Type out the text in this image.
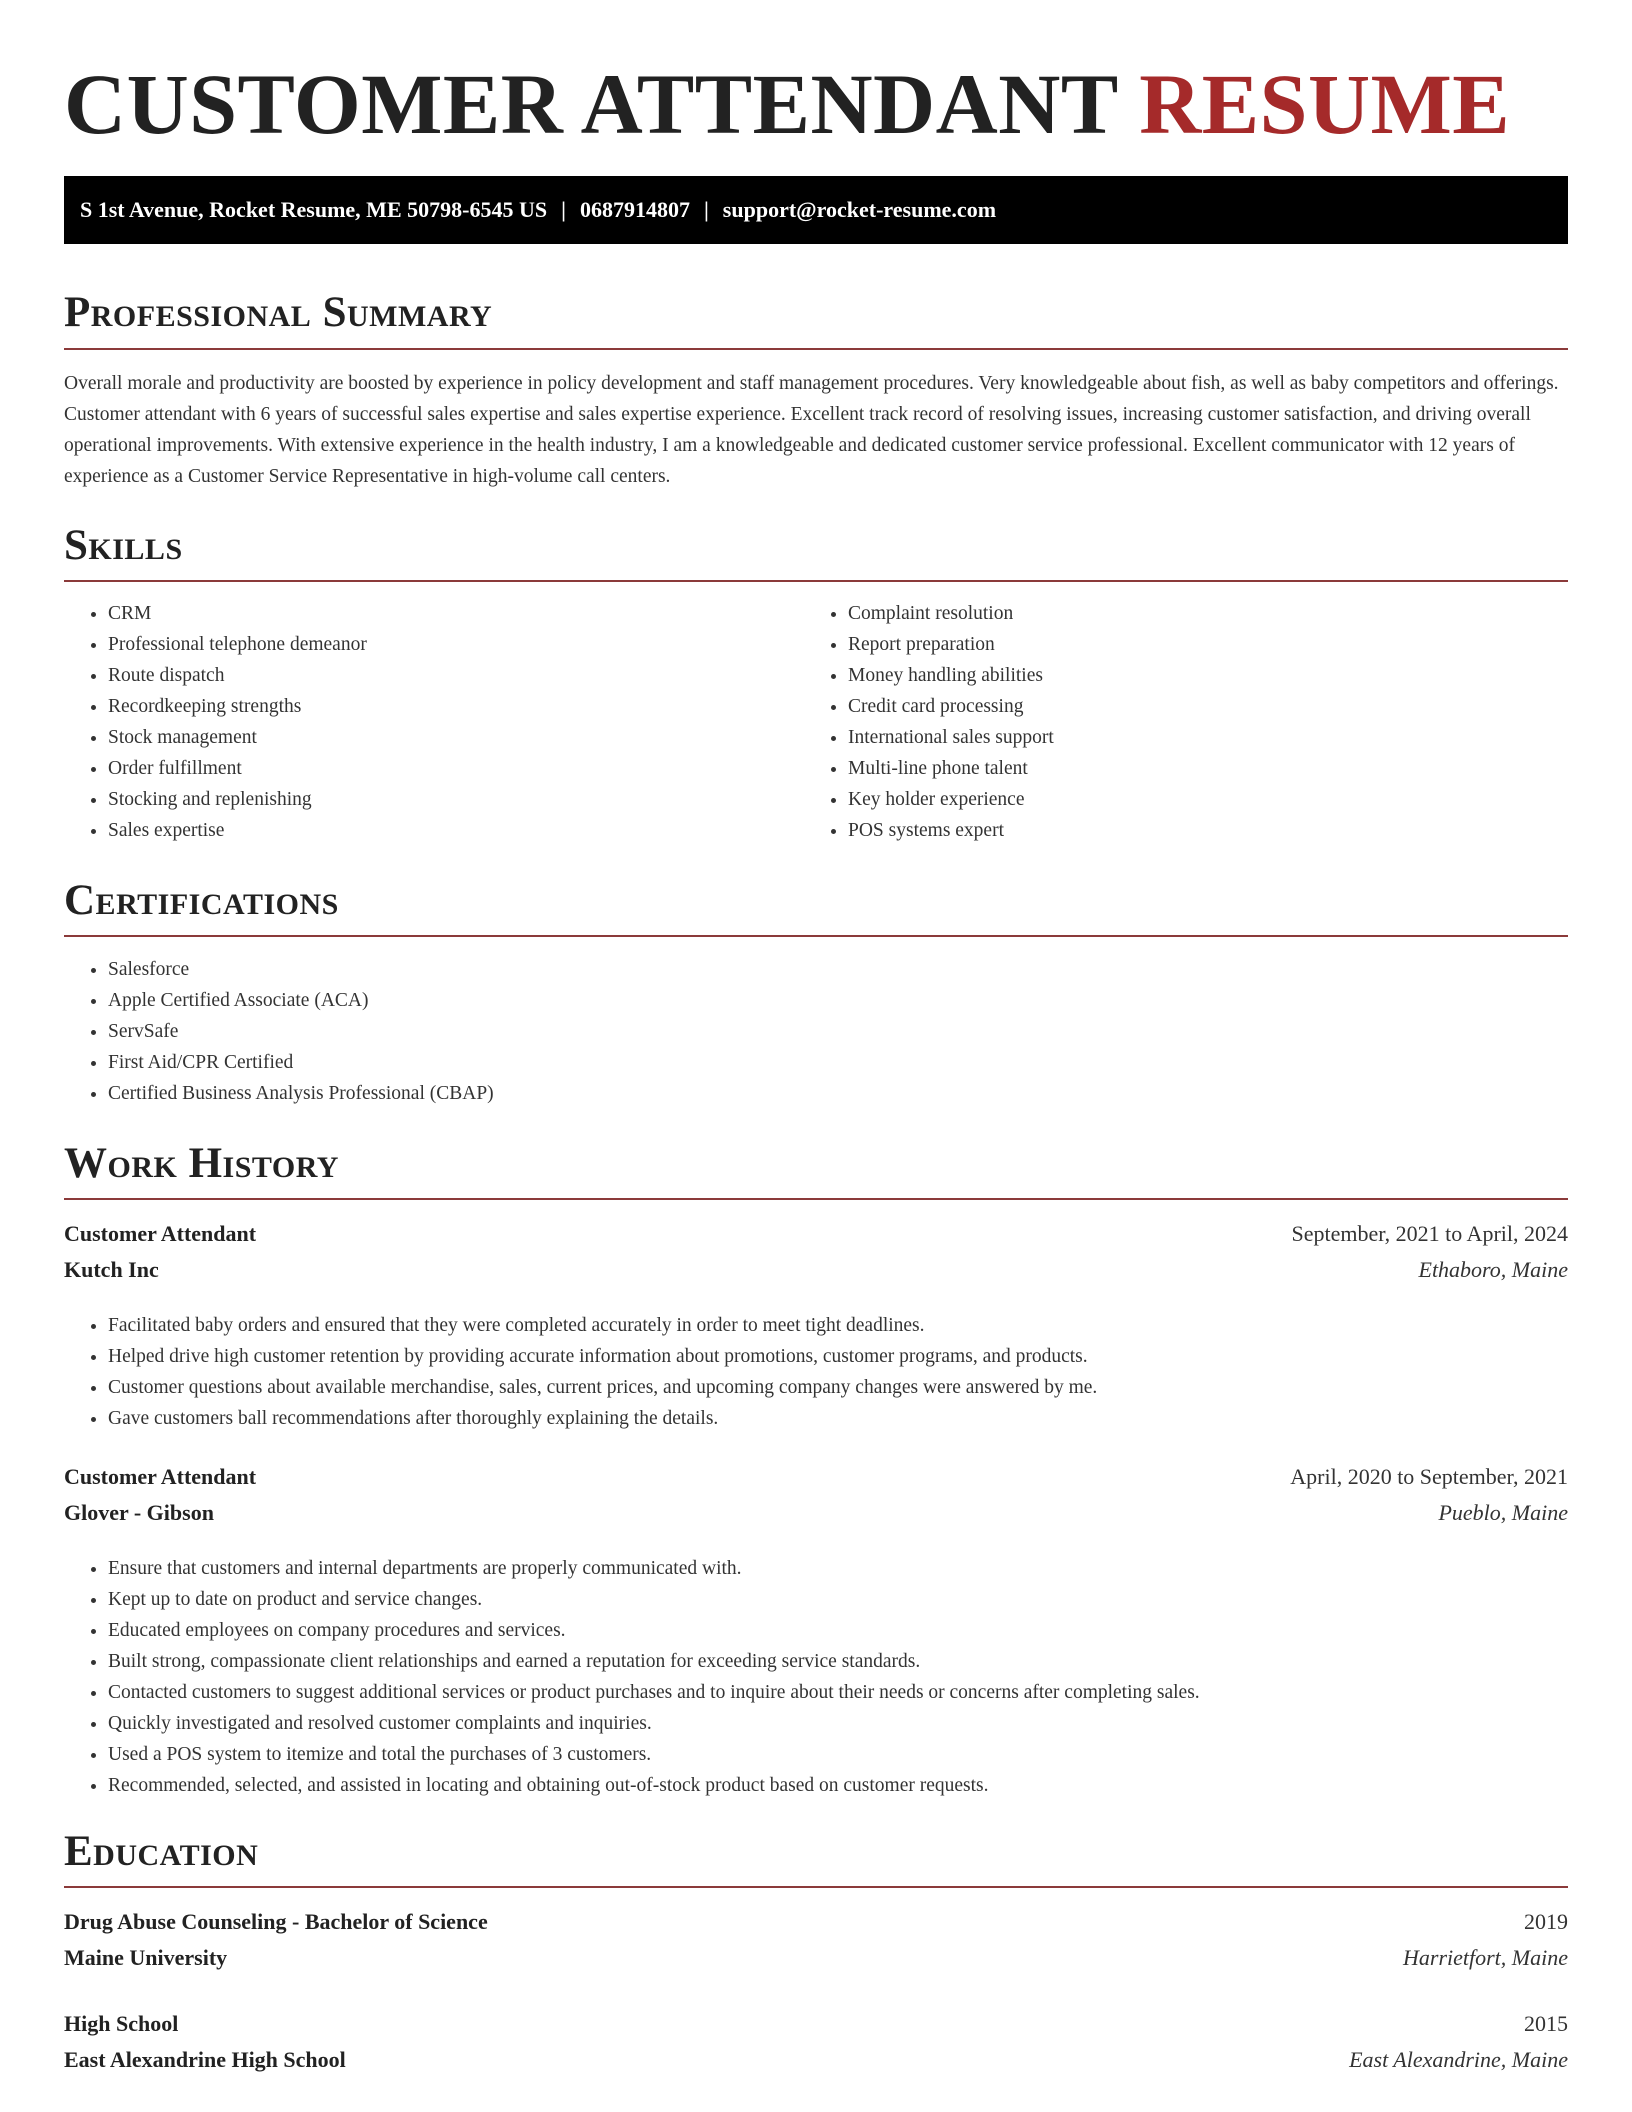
CUSTOMER ATTENDANT RESUME
S 1st Avenue, Rocket Resume, ME 50798-6545 US | 0687914807 | support@rocket-resume.com
Professional Summary

Overall morale and productivity are boosted by experience in policy development and staff management procedures. Very knowledgeable about fish, as well as baby competitors and offerings. Customer attendant with 6 years of successful sales expertise and sales expertise experience. Excellent track record of resolving issues, increasing customer satisfaction, and driving overall operational improvements. With extensive experience in the health industry, I am a knowledgeable and dedicated customer service professional. Excellent communicator with 12 years of experience as a Customer Service Representative in high-volume call centers.

Skills
• CRM
• Professional telephone demeanor
• Route dispatch
• Recordkeeping strengths
• Stock management
• Order fulfillment
• Stocking and replenishing
• Sales expertise
• Complaint resolution
• Report preparation
• Money handling abilities
• Credit card processing
• International sales support
• Multi-line phone talent
• Key holder experience
• POS systems expert
Certifications
• Salesforce
• Apple Certified Associate (ACA)
• ServSafe
• First Aid/CPR Certified
• Certified Business Analysis Professional (CBAP)
Work History
Customer Attendant	September, 2021 to April, 2024
Kutch Inc	Ethaboro, Maine
• Facilitated baby orders and ensured that they were completed accurately in order to meet tight deadlines.
• Helped drive high customer retention by providing accurate information about promotions, customer programs, and products.
• Customer questions about available merchandise, sales, current prices, and upcoming company changes were answered by me.
• Gave customers ball recommendations after thoroughly explaining the details.
Customer Attendant	April, 2020 to September, 2021
Glover - Gibson	Pueblo, Maine
• Ensure that customers and internal departments are properly communicated with.
• Kept up to date on product and service changes.
• Educated employees on company procedures and services.
• Built strong, compassionate client relationships and earned a reputation for exceeding service standards.
• Contacted customers to suggest additional services or product purchases and to inquire about their needs or concerns after completing sales.
• Quickly investigated and resolved customer complaints and inquiries.
• Used a POS system to itemize and total the purchases of 3 customers.
• Recommended, selected, and assisted in locating and obtaining out-of-stock product based on customer requests.
Education
Drug Abuse Counseling - Bachelor of Science	2019
Maine University	Harrietfort, Maine
High School	2015
East Alexandrine High School	East Alexandrine, Maine
